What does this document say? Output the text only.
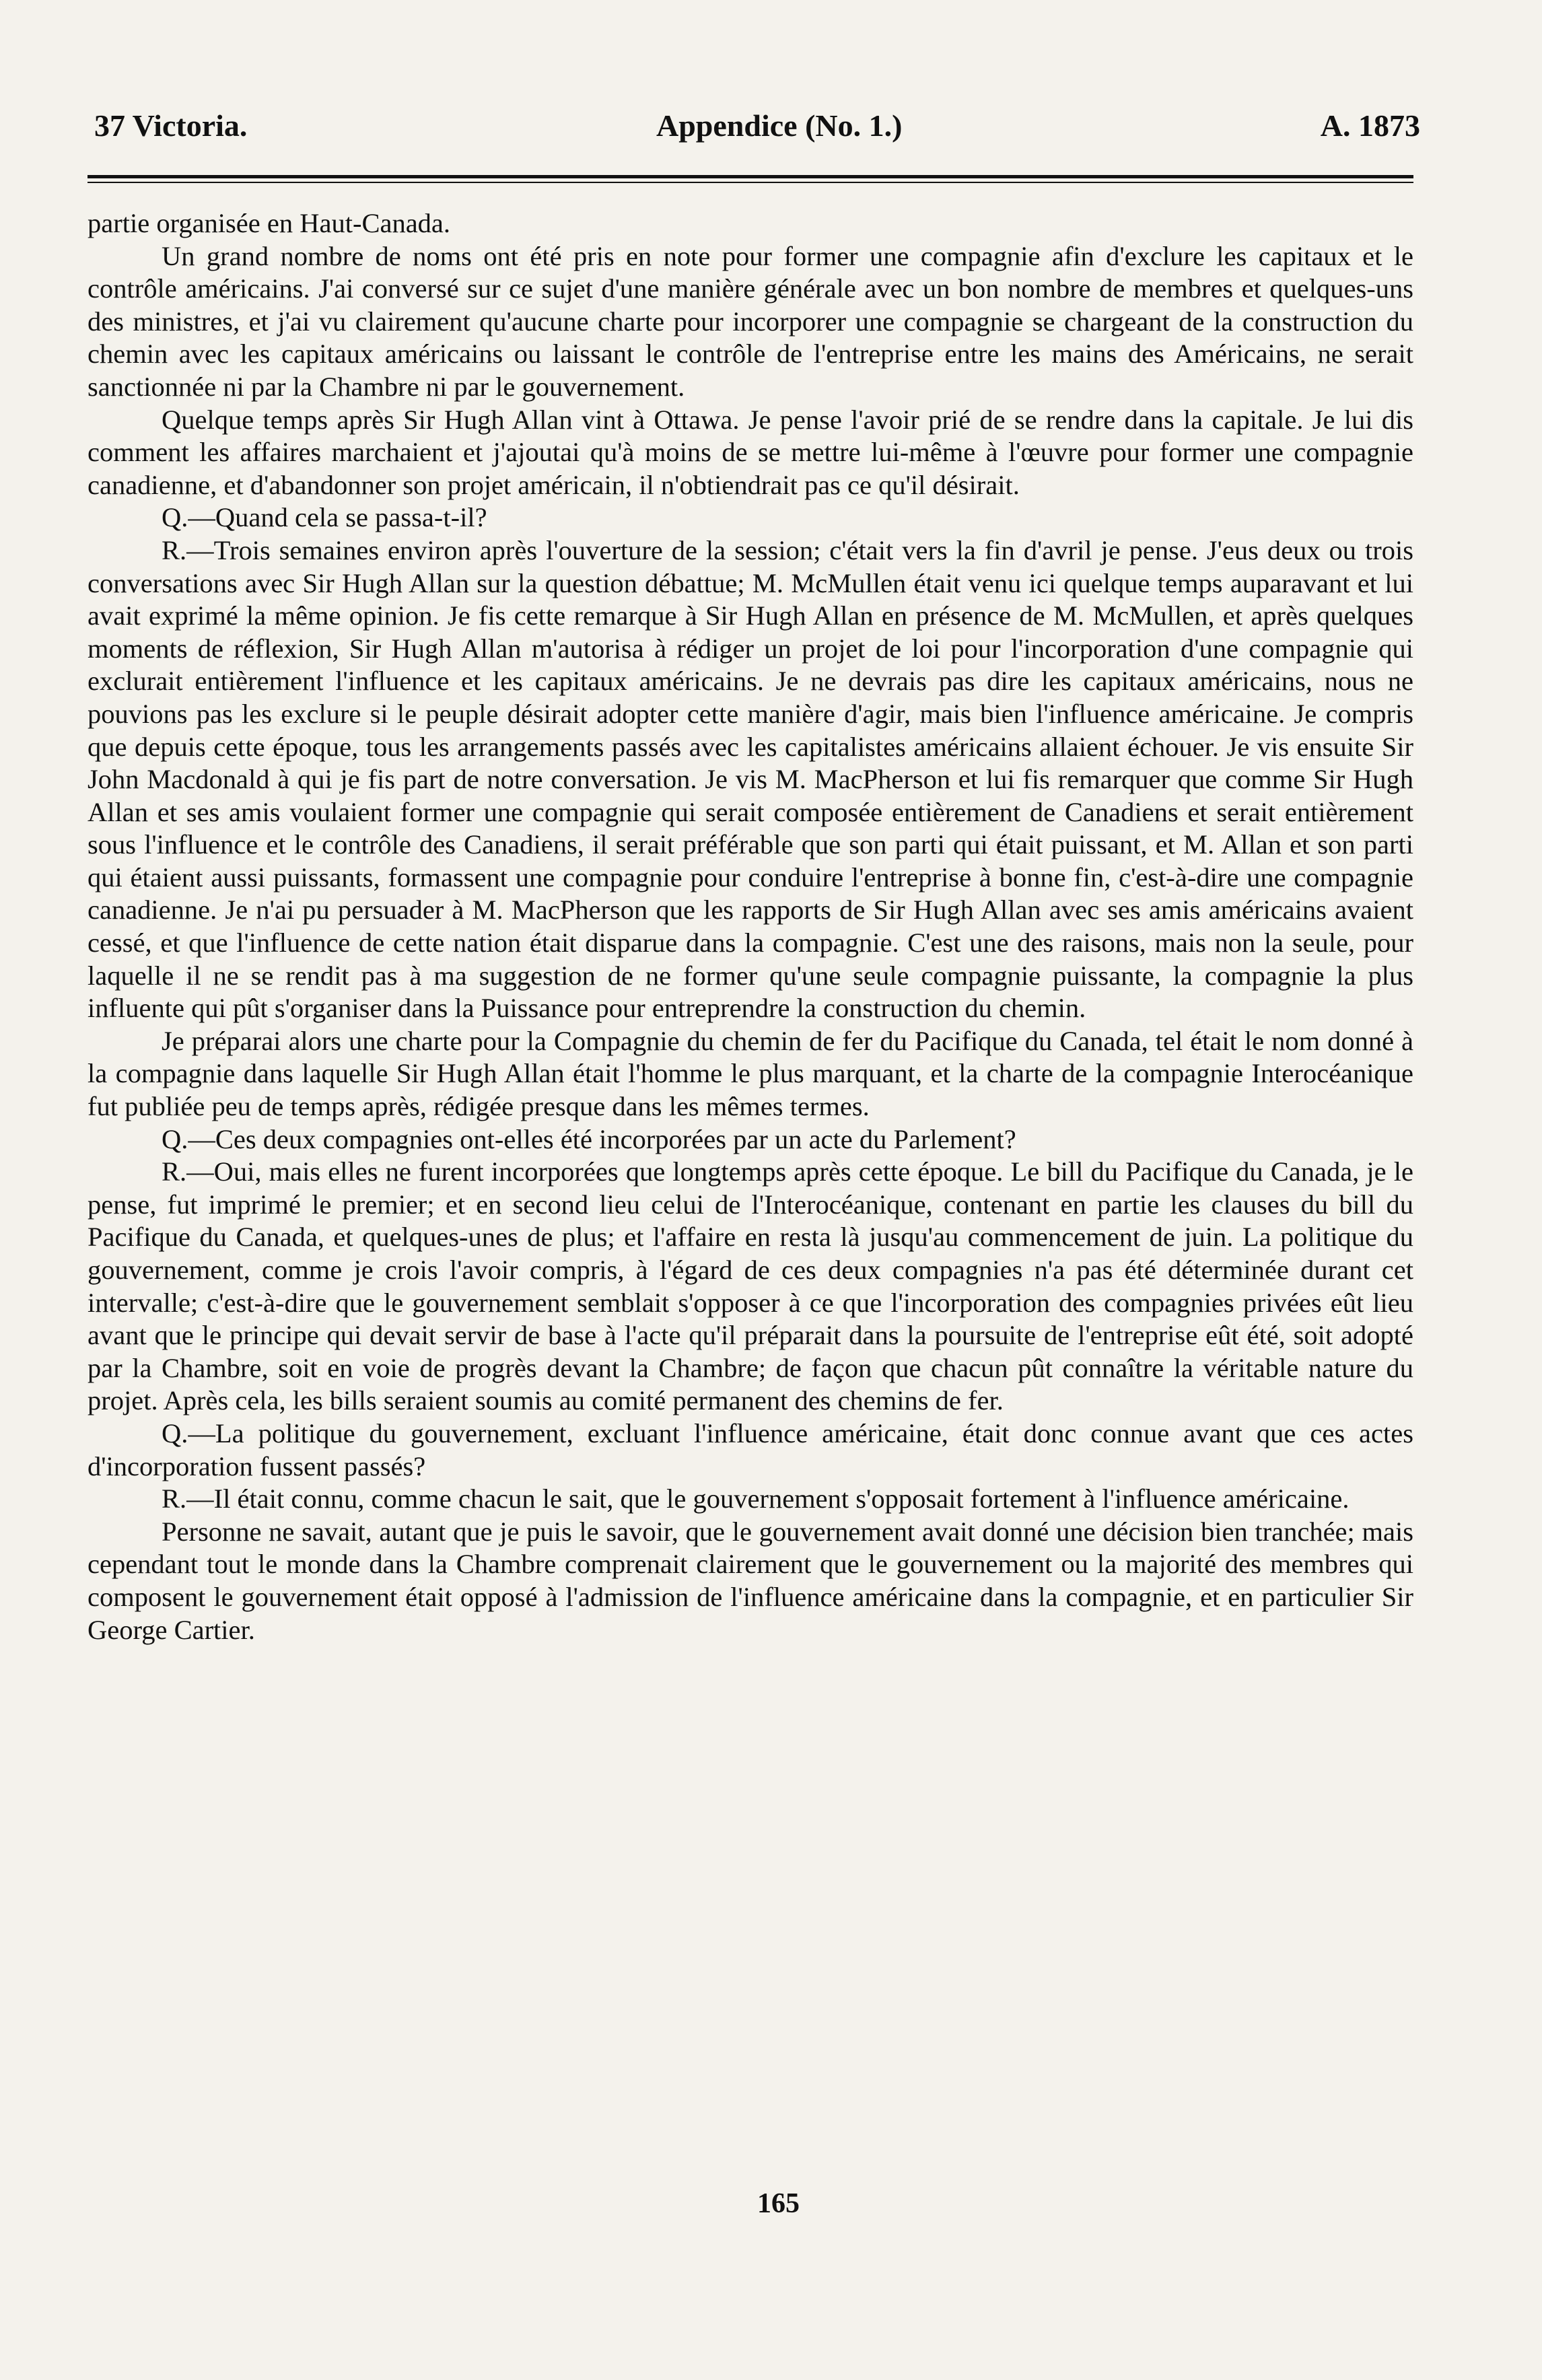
37 Victoria.	Appendice (No. 1.)	A. 1873

partie organisée en Haut-Canada.

Un grand nombre de noms ont été pris en note pour former une compagnie afin d'exclure les capitaux et le contrôle américains. J'ai conversé sur ce sujet d'une manière générale avec un bon nombre de membres et quelques-uns des ministres, et j'ai vu clairement qu'aucune charte pour incorporer une compagnie se chargeant de la construction du chemin avec les capitaux américains ou laissant le contrôle de l'entreprise entre les mains des Américains, ne serait sanctionnée ni par la Chambre ni par le gouvernement.

Quelque temps après Sir Hugh Allan vint à Ottawa. Je pense l'avoir prié de se rendre dans la capitale. Je lui dis comment les affaires marchaient et j'ajoutai qu'à moins de se mettre lui-même à l'œuvre pour former une compagnie canadienne, et d'abandonner son projet américain, il n'obtiendrait pas ce qu'il désirait.

Q.—Quand cela se passa-t-il?

R.—Trois semaines environ après l'ouverture de la session; c'était vers la fin d'avril je pense. J'eus deux ou trois conversations avec Sir Hugh Allan sur la question débattue; M. McMullen était venu ici quelque temps auparavant et lui avait exprimé la même opinion. Je fis cette remarque à Sir Hugh Allan en présence de M. McMullen, et après quelques moments de réflexion, Sir Hugh Allan m'autorisa à rédiger un projet de loi pour l'incorporation d'une compagnie qui exclurait entièrement l'influence et les capitaux américains. Je ne devrais pas dire les capitaux américains, nous ne pouvions pas les exclure si le peuple désirait adopter cette manière d'agir, mais bien l'influence américaine. Je compris que depuis cette époque, tous les arrangements passés avec les capitalistes américains allaient échouer. Je vis ensuite Sir John Macdonald à qui je fis part de notre conversation. Je vis M. MacPherson et lui fis remarquer que comme Sir Hugh Allan et ses amis voulaient former une compagnie qui serait composée entièrement de Canadiens et serait entièrement sous l'influence et le contrôle des Canadiens, il serait préférable que son parti qui était puissant, et M. Allan et son parti qui étaient aussi puissants, formassent une compagnie pour conduire l'entreprise à bonne fin, c'est-à-dire une compagnie canadienne. Je n'ai pu persuader à M. MacPherson que les rapports de Sir Hugh Allan avec ses amis américains avaient cessé, et que l'influence de cette nation était disparue dans la compagnie. C'est une des raisons, mais non la seule, pour laquelle il ne se rendit pas à ma suggestion de ne former qu'une seule compagnie puissante, la compagnie la plus influente qui pût s'organiser dans la Puissance pour entreprendre la construction du chemin.

Je préparai alors une charte pour la Compagnie du chemin de fer du Pacifique du Canada, tel était le nom donné à la compagnie dans laquelle Sir Hugh Allan était l'homme le plus marquant, et la charte de la compagnie Interocéanique fut publiée peu de temps après, rédigée presque dans les mêmes termes.

Q.—Ces deux compagnies ont-elles été incorporées par un acte du Parlement?

R.—Oui, mais elles ne furent incorporées que longtemps après cette époque. Le bill du Pacifique du Canada, je le pense, fut imprimé le premier; et en second lieu celui de l'Interocéanique, contenant en partie les clauses du bill du Pacifique du Canada, et quelques-unes de plus; et l'affaire en resta là jusqu'au commencement de juin. La politique du gouvernement, comme je crois l'avoir compris, à l'égard de ces deux compagnies n'a pas été déterminée durant cet intervalle; c'est-à-dire que le gouvernement semblait s'opposer à ce que l'incorporation des compagnies privées eût lieu avant que le principe qui devait servir de base à l'acte qu'il préparait dans la poursuite de l'entreprise eût été, soit adopté par la Chambre, soit en voie de progrès devant la Chambre; de façon que chacun pût connaître la véritable nature du projet. Après cela, les bills seraient soumis au comité permanent des chemins de fer.

Q.—La politique du gouvernement, excluant l'influence américaine, était donc connue avant que ces actes d'incorporation fussent passés?

R.—Il était connu, comme chacun le sait, que le gouvernement s'opposait fortement à l'influence américaine.

Personne ne savait, autant que je puis le savoir, que le gouvernement avait donné une décision bien tranchée; mais cependant tout le monde dans la Chambre comprenait clairement que le gouvernement ou la majorité des membres qui composent le gouvernement était opposé à l'admission de l'influence américaine dans la compagnie, et en particulier Sir George Cartier.

165
